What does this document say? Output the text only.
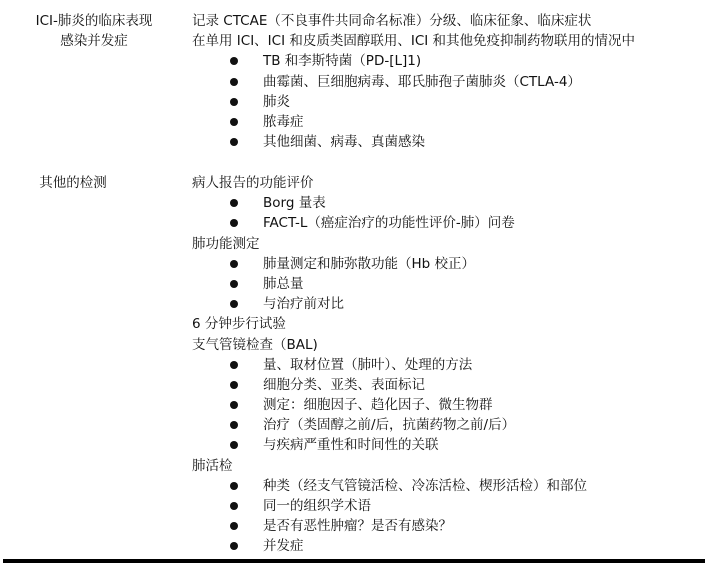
ICI-肺炎的临床表现
感染并发症
记录 CTCAE（不良事件共同命名标准）分级、临床征象、临床症状
在单用 ICI、ICI 和皮质类固醇联用、ICI 和其他免疫抑制药物联用的情况中
TB 和李斯特菌（PD-[L]1)
曲霉菌、巨细胞病毒、耶氏肺孢子菌肺炎（CTLA-4）
肺炎
脓毒症
其他细菌、病毒、真菌感染
其他的检测	病人报告的功能评价
Borg 量表
FACT-L（癌症治疗的功能性评价-肺）问卷
肺功能测定
肺量测定和肺弥散功能（Hb 校正）
肺总量
与治疗前对比
6 分钟步行试验
支气管镜检查（BAL)
量、取材位置（肺叶）、处理的方法
细胞分类、亚类、表面标记
测定：细胞因子、趋化因子、微生物群
治疗（类固醇之前/后，抗菌药物之前/后）
与疾病严重性和时间性的关联
肺活检
种类（经支气管镜活检、冷冻活检、楔形活检）和部位
同一的组织学术语
是否有恶性肿瘤？是否有感染？
并发症
